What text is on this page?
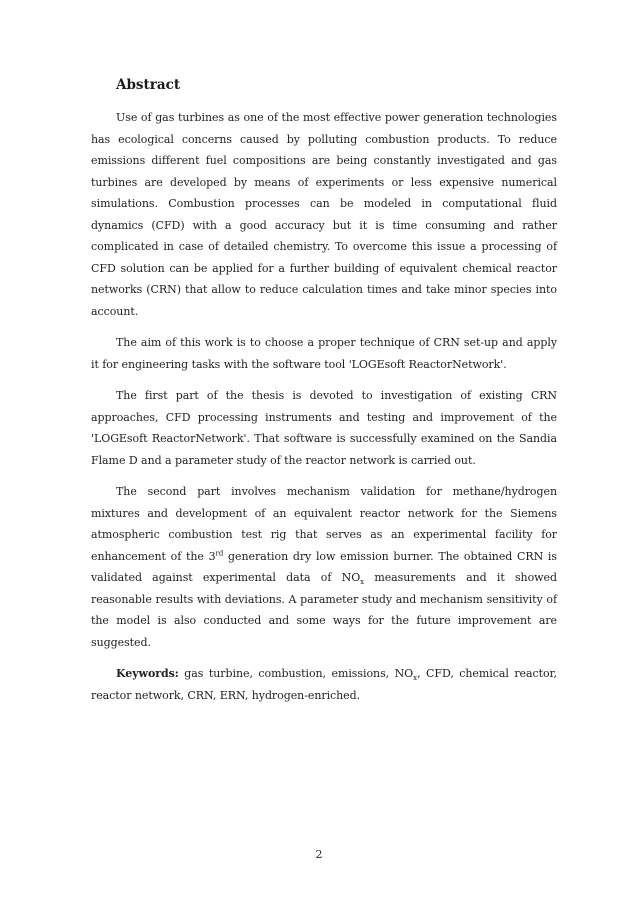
Abstract

Use of gas turbines as one of the most effective power generation technologies has ecological concerns caused by polluting combustion products. To reduce emissions different fuel compositions are being constantly investigated and gas turbines are developed by means of experiments or less expensive numerical simulations. Combustion processes can be modeled in computational fluid dynamics (CFD) with a good accuracy but it is time consuming and rather complicated in case of detailed chemistry. To overcome this issue a processing of CFD solution can be applied for a further building of equivalent chemical reactor networks (CRN) that allow to reduce calculation times and take minor species into account.

The aim of this work is to choose a proper technique of CRN set-up and apply it for engineering tasks with the software tool 'LOGEsoft ReactorNetwork'.

The first part of the thesis is devoted to investigation of existing CRN approaches, CFD processing instruments and testing and improvement of the 'LOGEsoft ReactorNetwork'. That software is successfully examined on the Sandia Flame D and a parameter study of the reactor network is carried out.

The second part involves mechanism validation for methane/hydrogen mixtures and development of an equivalent reactor network for the Siemens atmospheric combustion test rig that serves as an experimental facility for enhancement of the 3rd generation dry low emission burner. The obtained CRN is validated against experimental data of $NO_x$ measurements and it showed reasonable results with deviations. A parameter study and mechanism sensitivity of the model is also conducted and some ways for the future improvement are suggested.

Keywords: gas turbine, combustion, emissions, $NO_x$, CFD, chemical reactor, reactor network, CRN, ERN, hydrogen-enriched.

2
